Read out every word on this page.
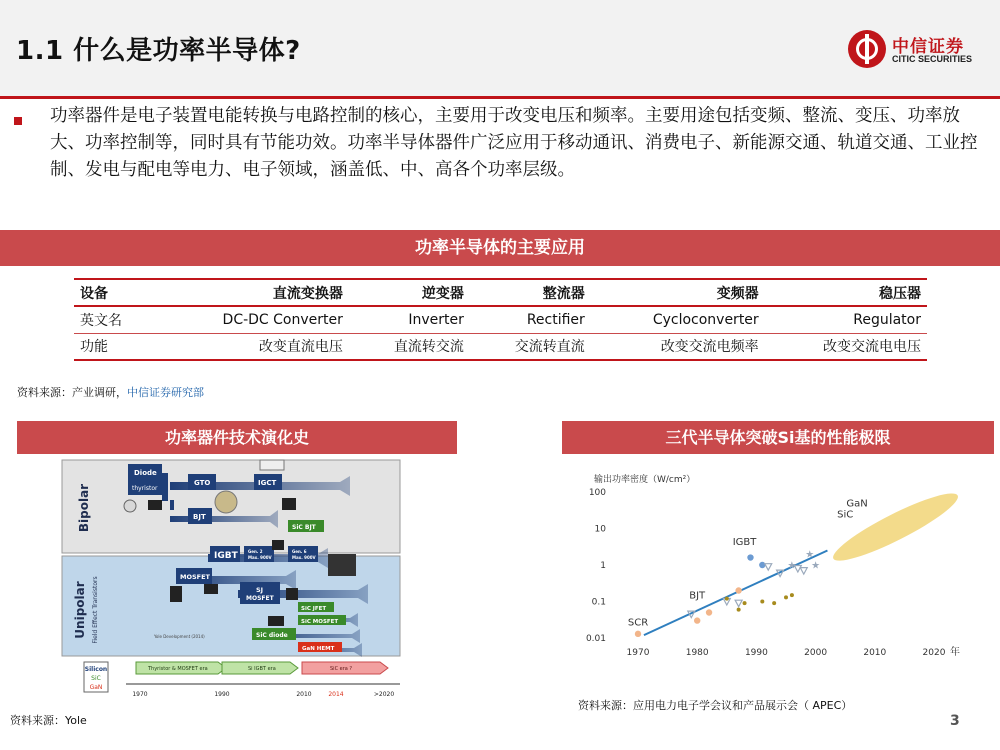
1.1 什么是功率半导体?	中信证券
CITIC SECURITIES
功率器件是电子装置电能转换与电路控制的核心，主要用于改变电压和频率。主要用途包括变频、整流、变压、功率放大、功率控制等，同时具有节能功效。功率半导体器件广泛应用于移动通讯、消费电子、新能源交通、轨道交通、工业控制、发电与配电等电力、电子领域，涵盖低、中、高各个功率层级。
功率半导体的主要应用
设备	直流变换器	逆变器	整流器	变频器	稳压器
英文名	DC-DC Converter	Inverter	Rectifier	Cycloconverter	Regulator
功能	改变直流电压	直流转交流	交流转直流	改变交流电频率	改变交流电电压
资料来源：产业调研，中信证券研究部
功率器件技术演化史	三代半导体突破Si基的性能极限
Bipolar
Unipolar Field Effect Transistors
Diode
thyristor
GTO	IGCT
BJT
SiC BJT
IGBT	Gen. 2
Max. 900V
Gen. 6
Max. 900V
MOSFET
SJ
MOSFET
SiC JFET
SiC MOSFET
SiC diode
GaN HEMT
Yole Development (2014)
Silicon
SiC
GaN
Thyristor & MOSFET era	Si IGBT era	SiC era ?
1970	1990	2010	2014	>2020
输出功率密度（W/cm²）
100
10
1
0.1
0.01
1970	1980	1990	2000	2010	2020 年
★
★
★
SCR
BJT
IGBT
GaN
SiC
资料来源：Yole
资料来源：应用电力电子学会议和产品展示会（ APEC）
3
